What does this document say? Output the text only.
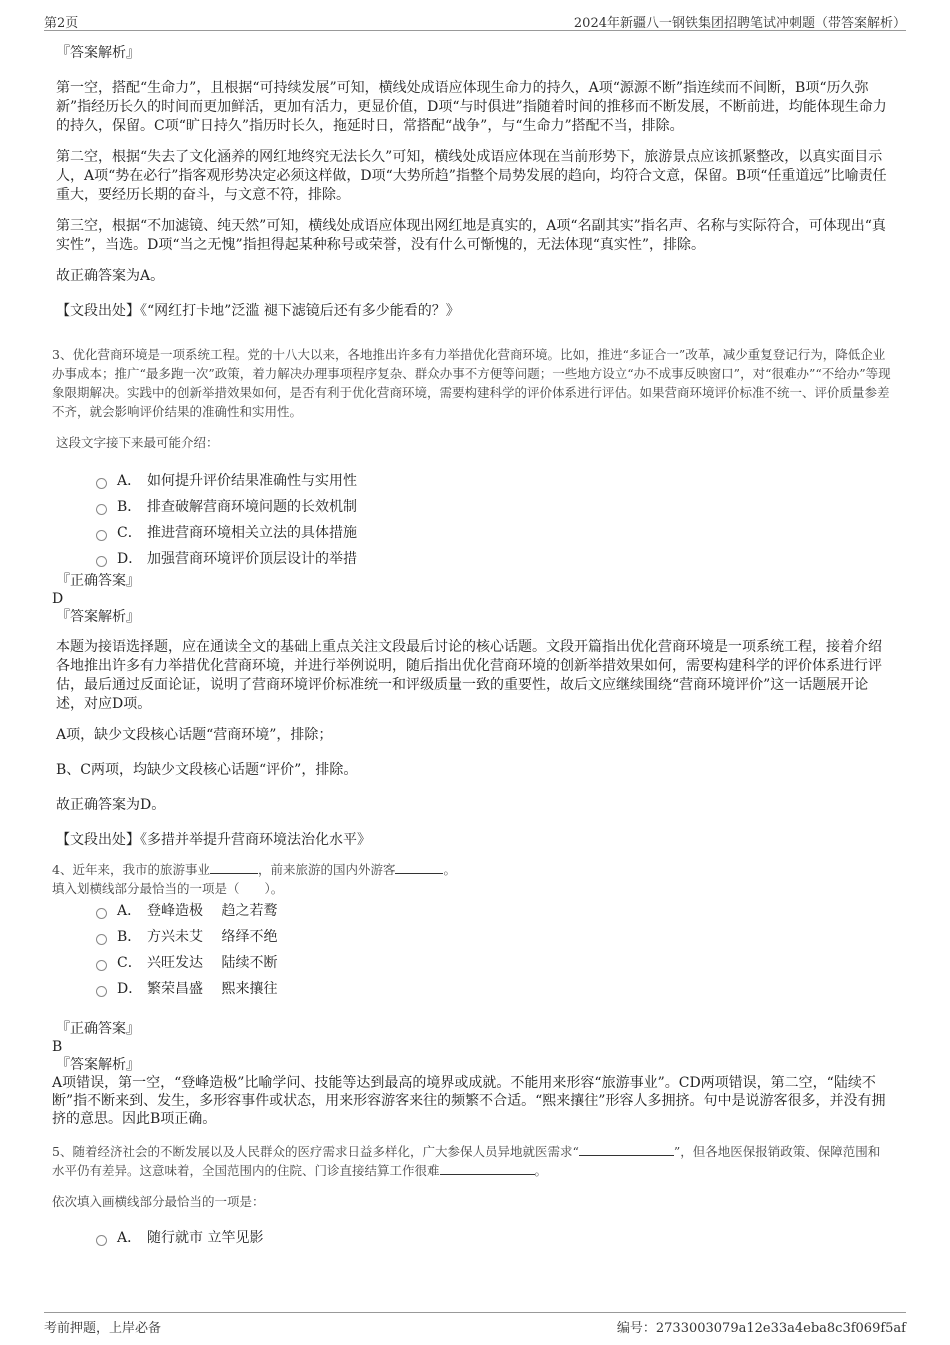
第2页	2024年新疆八一钢铁集团招聘笔试冲刺题（带答案解析）

『答案解析』

第一空，搭配“生命力”，且根据“可持续发展”可知，横线处成语应体现生命力的持久，A项“源源不断”指连续而不间断，B项“历久弥新”指经历长久的时间而更加鲜活，更加有活力，更显价值，D项“与时俱进”指随着时间的推移而不断发展，不断前进，均能体现生命力的持久，保留。C项“旷日持久”指历时长久，拖延时日，常搭配“战争”，与“生命力”搭配不当，排除。

第二空，根据“失去了文化涵养的网红地终究无法长久”可知，横线处成语应体现在当前形势下，旅游景点应该抓紧整改，以真实面目示人，A项“势在必行”指客观形势决定必须这样做，D项“大势所趋”指整个局势发展的趋向，均符合文意，保留。B项“任重道远”比喻责任重大，要经历长期的奋斗，与文意不符，排除。

第三空，根据“不加滤镜、纯天然”可知，横线处成语应体现出网红地是真实的，A项“名副其实”指名声、名称与实际符合，可体现出“真实性”，当选。D项“当之无愧”指担得起某种称号或荣誉，没有什么可惭愧的，无法体现“真实性”，排除。

故正确答案为A。

【文段出处】《“网红打卡地”泛滥 褪下滤镜后还有多少能看的？》

3、优化营商环境是一项系统工程。党的十八大以来，各地推出许多有力举措优化营商环境。比如，推进“多证合一”改革，减少重复登记行为，降低企业办事成本；推广“最多跑一次”政策，着力解决办理事项程序复杂、群众办事不方便等问题；一些地方设立“办不成事反映窗口”，对“很难办”“不给办”等现象限期解决。实践中的创新举措效果如何，是否有利于优化营商环境，需要构建科学的评价体系进行评估。如果营商环境评价标准不统一、评价质量参差不齐，就会影响评价结果的准确性和实用性。

这段文字接下来最可能介绍：

A． 如何提升评价结果准确性与实用性
B． 排查破解营商环境问题的长效机制
C． 推进营商环境相关立法的具体措施
D． 加强营商环境评价顶层设计的举措

『正确答案』

D

『答案解析』

本题为接语选择题，应在通读全文的基础上重点关注文段最后讨论的核心话题。文段开篇指出优化营商环境是一项系统工程，接着介绍各地推出许多有力举措优化营商环境，并进行举例说明，随后指出优化营商环境的创新举措效果如何，需要构建科学的评价体系进行评估，最后通过反面论证，说明了营商环境评价标准统一和评级质量一致的重要性，故后文应继续围绕“营商环境评价”这一话题展开论述，对应D项。

A项，缺少文段核心话题“营商环境”，排除；

B、C两项，均缺少文段核心话题“评价”，排除。

故正确答案为D。

【文段出处】《多措并举提升营商环境法治化水平》

4、近年来，我市的旅游事业	，前来旅游的国内外游客	。

填入划横线部分最恰当的一项是（　　）。

A． 登峰造极　 趋之若鹜
B． 方兴未艾　 络绎不绝
C． 兴旺发达　 陆续不断
D． 繁荣昌盛　 熙来攘往

『正确答案』

B

『答案解析』

A项错误，第一空，“登峰造极”比喻学问、技能等达到最高的境界或成就。不能用来形容“旅游事业”。CD两项错误，第二空，“陆续不断”指不断来到、发生，多形容事件或状态，用来形容游客来往的频繁不合适。“熙来攘往”形容人多拥挤。句中是说游客很多，并没有拥挤的意思。因此B项正确。

5、随着经济社会的不断发展以及人民群众的医疗需求日益多样化，广大参保人员异地就医需求“	”，但各地医保报销政策、保障范围和水平仍有差异。这意味着，全国范围内的住院、门诊直接结算工作很难	。

依次填入画横线部分最恰当的一项是：

A． 随行就市 立竿见影
考前押题，上岸必备	编号：2733003079a12e33a4eba8c3f069f5af
